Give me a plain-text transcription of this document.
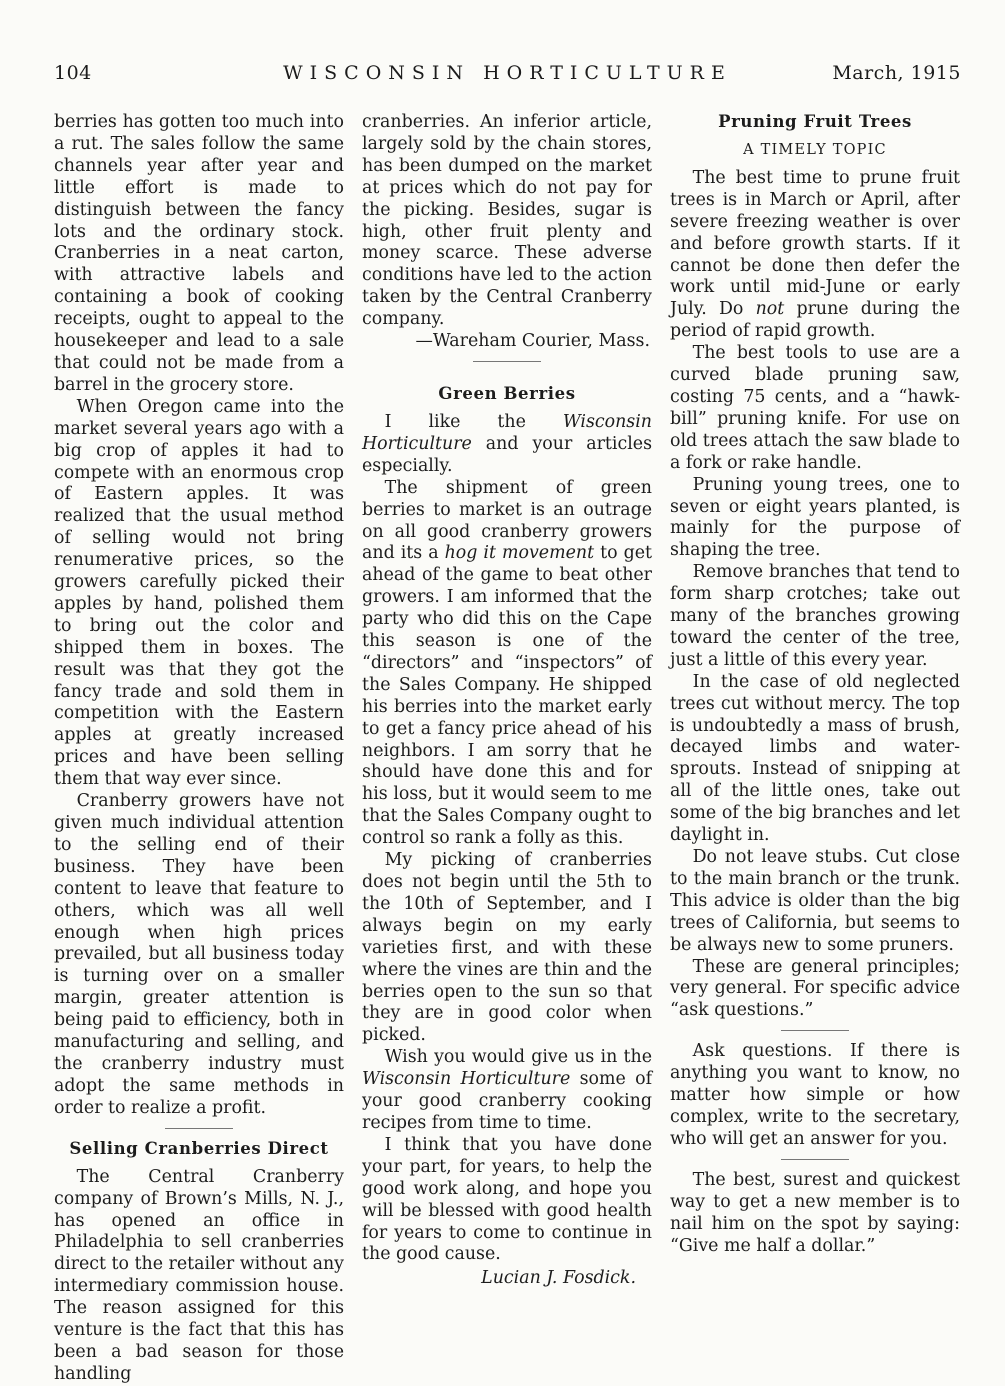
104	WISCONSIN HORTICULTURE	March, 1915

berries has gotten too much into a rut. The sales follow the same channels year after year and little effort is made to distinguish between the fancy lots and the ordinary stock. Cranberries in a neat carton, with attractive labels and containing a book of cooking receipts, ought to appeal to the housekeeper and lead to a sale that could not be made from a barrel in the grocery store.

When Oregon came into the market several years ago with a big crop of apples it had to compete with an enormous crop of Eastern apples. It was realized that the usual method of selling would not bring renumerative prices, so the growers carefully picked their apples by hand, polished them to bring out the color and shipped them in boxes. The result was that they got the fancy trade and sold them in competition with the Eastern apples at greatly increased prices and have been selling them that way ever since.

Cranberry growers have not given much individual attention to the selling end of their business. They have been content to leave that feature to others, which was all well enough when high prices prevailed, but all business today is turning over on a smaller margin, greater attention is being paid to efficiency, both in manufacturing and selling, and the cranberry industry must adopt the same methods in order to realize a profit.

Selling Cranberries Direct

The Central Cranberry company of Brown’s Mills, N. J., has opened an office in Philadelphia to sell cranberries direct to the retailer without any intermediary commission house. The reason assigned for this venture is the fact that this has been a bad season for those handling

cranberries. An inferior article, largely sold by the chain stores, has been dumped on the market at prices which do not pay for the picking. Besides, sugar is high, other fruit plenty and money scarce. These adverse conditions have led to the action taken by the Central Cranberry company.

—Wareham Courier, Mass.

Green Berries

I like the Wisconsin Horticulture and your articles especially.

The shipment of green berries to market is an outrage on all good cranberry growers and its a hog it movement to get ahead of the game to beat other growers. I am informed that the party who did this on the Cape this season is one of the “directors” and “inspectors” of the Sales Company. He shipped his berries into the market early to get a fancy price ahead of his neighbors. I am sorry that he should have done this and for his loss, but it would seem to me that the Sales Company ought to control so rank a folly as this.

My picking of cranberries does not begin until the 5th to the 10th of September, and I always begin on my early varieties first, and with these where the vines are thin and the berries open to the sun so that they are in good color when picked.

Wish you would give us in the Wisconsin Horticulture some of your good cranberry cooking recipes from time to time.

I think that you have done your part, for years, to help the good work along, and hope you will be blessed with good health for years to come to continue in the good cause.

Lucian J. Fosdick.

Pruning Fruit Trees
A TIMELY TOPIC

The best time to prune fruit trees is in March or April, after severe freezing weather is over and before growth starts. If it cannot be done then defer the work until mid-June or early July. Do not prune during the period of rapid growth.

The best tools to use are a curved blade pruning saw, costing 75 cents, and a “hawk-bill” pruning knife. For use on old trees attach the saw blade to a fork or rake handle.

Pruning young trees, one to seven or eight years planted, is mainly for the purpose of shaping the tree.

Remove branches that tend to form sharp crotches; take out many of the branches growing toward the center of the tree, just a little of this every year.

In the case of old neglected trees cut without mercy. The top is undoubtedly a mass of brush, decayed limbs and water-sprouts. Instead of snipping at all of the little ones, take out some of the big branches and let daylight in.

Do not leave stubs. Cut close to the main branch or the trunk. This advice is older than the big trees of California, but seems to be always new to some pruners.

These are general principles; very general. For specific advice “ask questions.”

Ask questions. If there is anything you want to know, no matter how simple or how complex, write to the secretary, who will get an answer for you.

The best, surest and quickest way to get a new member is to nail him on the spot by saying: “Give me half a dollar.”
